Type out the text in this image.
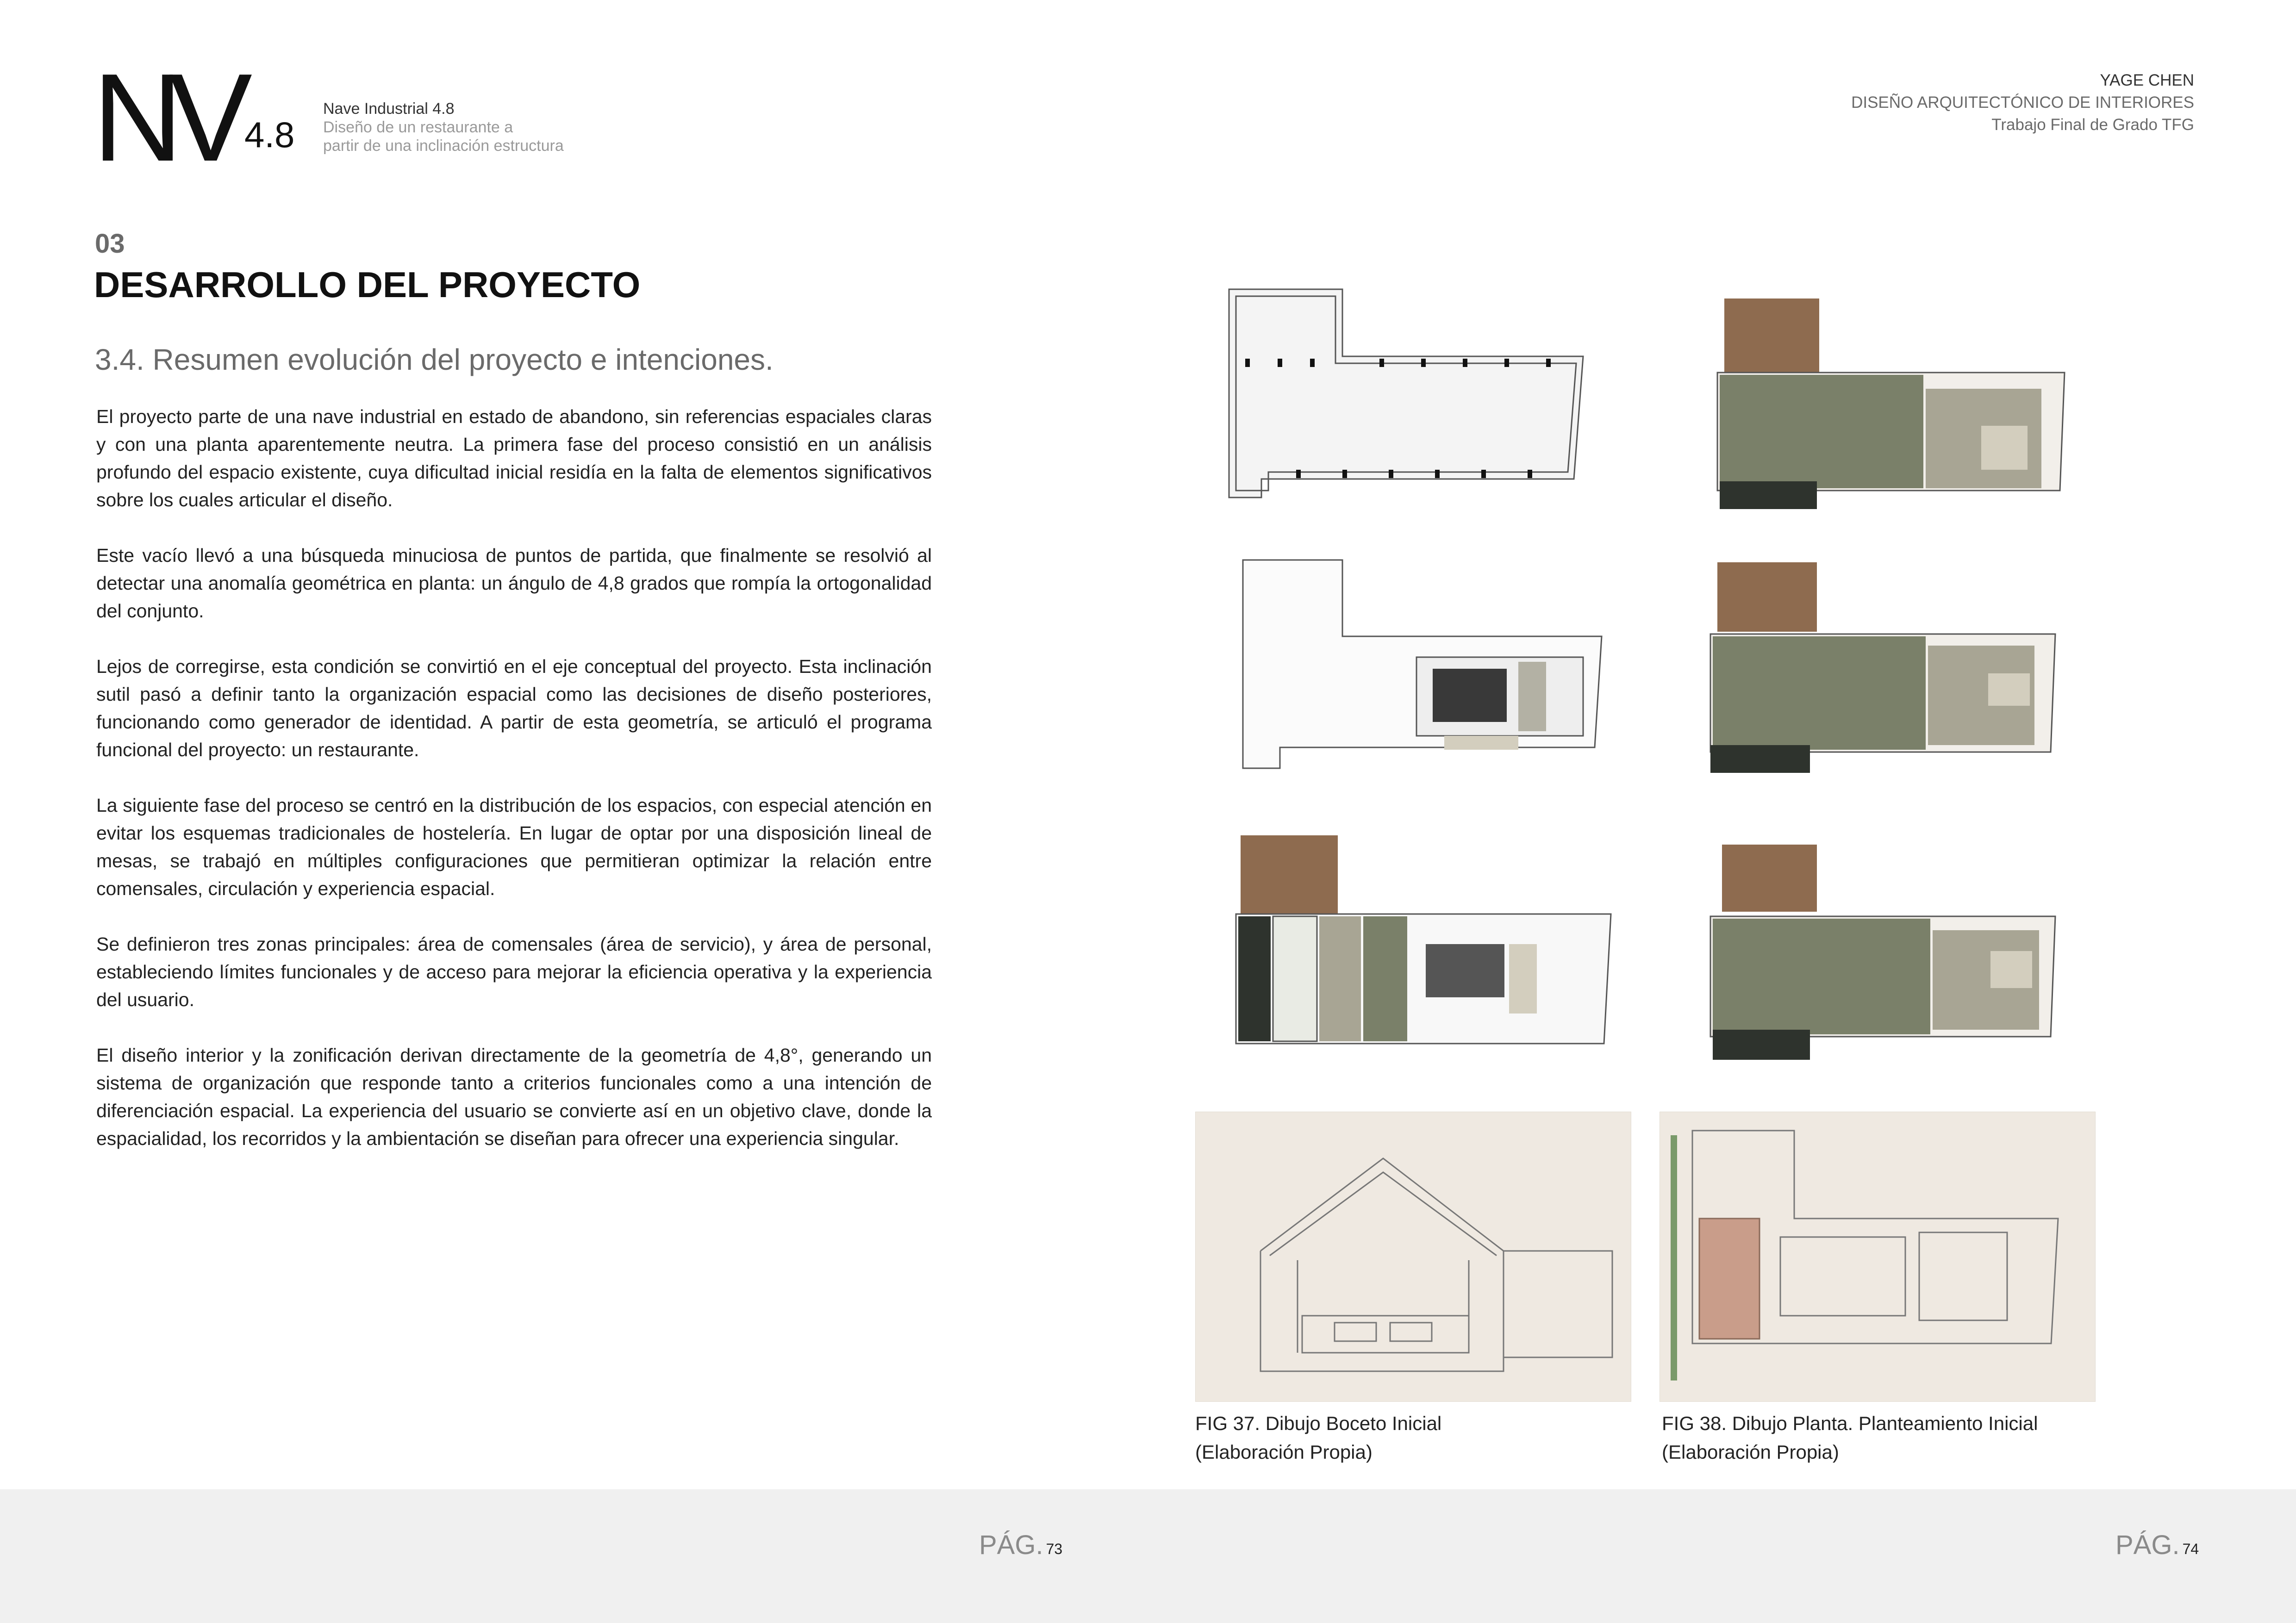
NV 4.8
Nave Industrial 4.8
Diseño de un restaurante a
partir de una inclinación estructura
YAGE CHEN
DISEÑO ARQUITECTÓNICO DE INTERIORES
Trabajo Final de Grado TFG
03
DESARROLLO DEL PROYECTO
3.4. Resumen evolución del proyecto e intenciones.

El proyecto parte de una nave industrial en estado de abandono, sin referencias espaciales claras y con una planta aparentemente neutra. La primera fase del proceso consistió en un análisis profundo del espacio existente, cuya dificultad inicial residía en la falta de elementos significativos sobre los cuales articular el diseño.

Este vacío llevó a una búsqueda minuciosa de puntos de partida, que finalmente se resolvió al detectar una anomalía geométrica en planta: un ángulo de 4,8 grados que rompía la ortogonalidad del conjunto.

Lejos de corregirse, esta condición se convirtió en el eje conceptual del proyecto. Esta inclinación sutil pasó a definir tanto la organización espacial como las decisiones de diseño posteriores, funcionando como generador de identidad. A partir de esta geometría, se articuló el programa funcional del proyecto: un restaurante.

La siguiente fase del proceso se centró en la distribución de los espacios, con especial atención en evitar los esquemas tradicionales de hostelería. En lugar de optar por una disposición lineal de mesas, se trabajó en múltiples configuraciones que permitieran optimizar la relación entre comensales, circulación y experiencia espacial.

Se definieron tres zonas principales: área de comensales (área de servicio), y área de personal, estableciendo límites funcionales y de acceso para mejorar la eficiencia operativa y la experiencia del usuario.

El diseño interior y la zonificación derivan directamente de la geometría de 4,8°, generando un sistema de organización que responde tanto a criterios funcionales como a una intención de diferenciación espacial. La experiencia del usuario se convierte así en un objetivo clave, donde la espacialidad, los recorridos y la ambientación se diseñan para ofrecer una experiencia singular.

FIG 37. Dibujo Boceto Inicial
(Elaboración Propia)
FIG 38. Dibujo Planta. Planteamiento Inicial
(Elaboración Propia)
PÁG. 73	PÁG. 74
